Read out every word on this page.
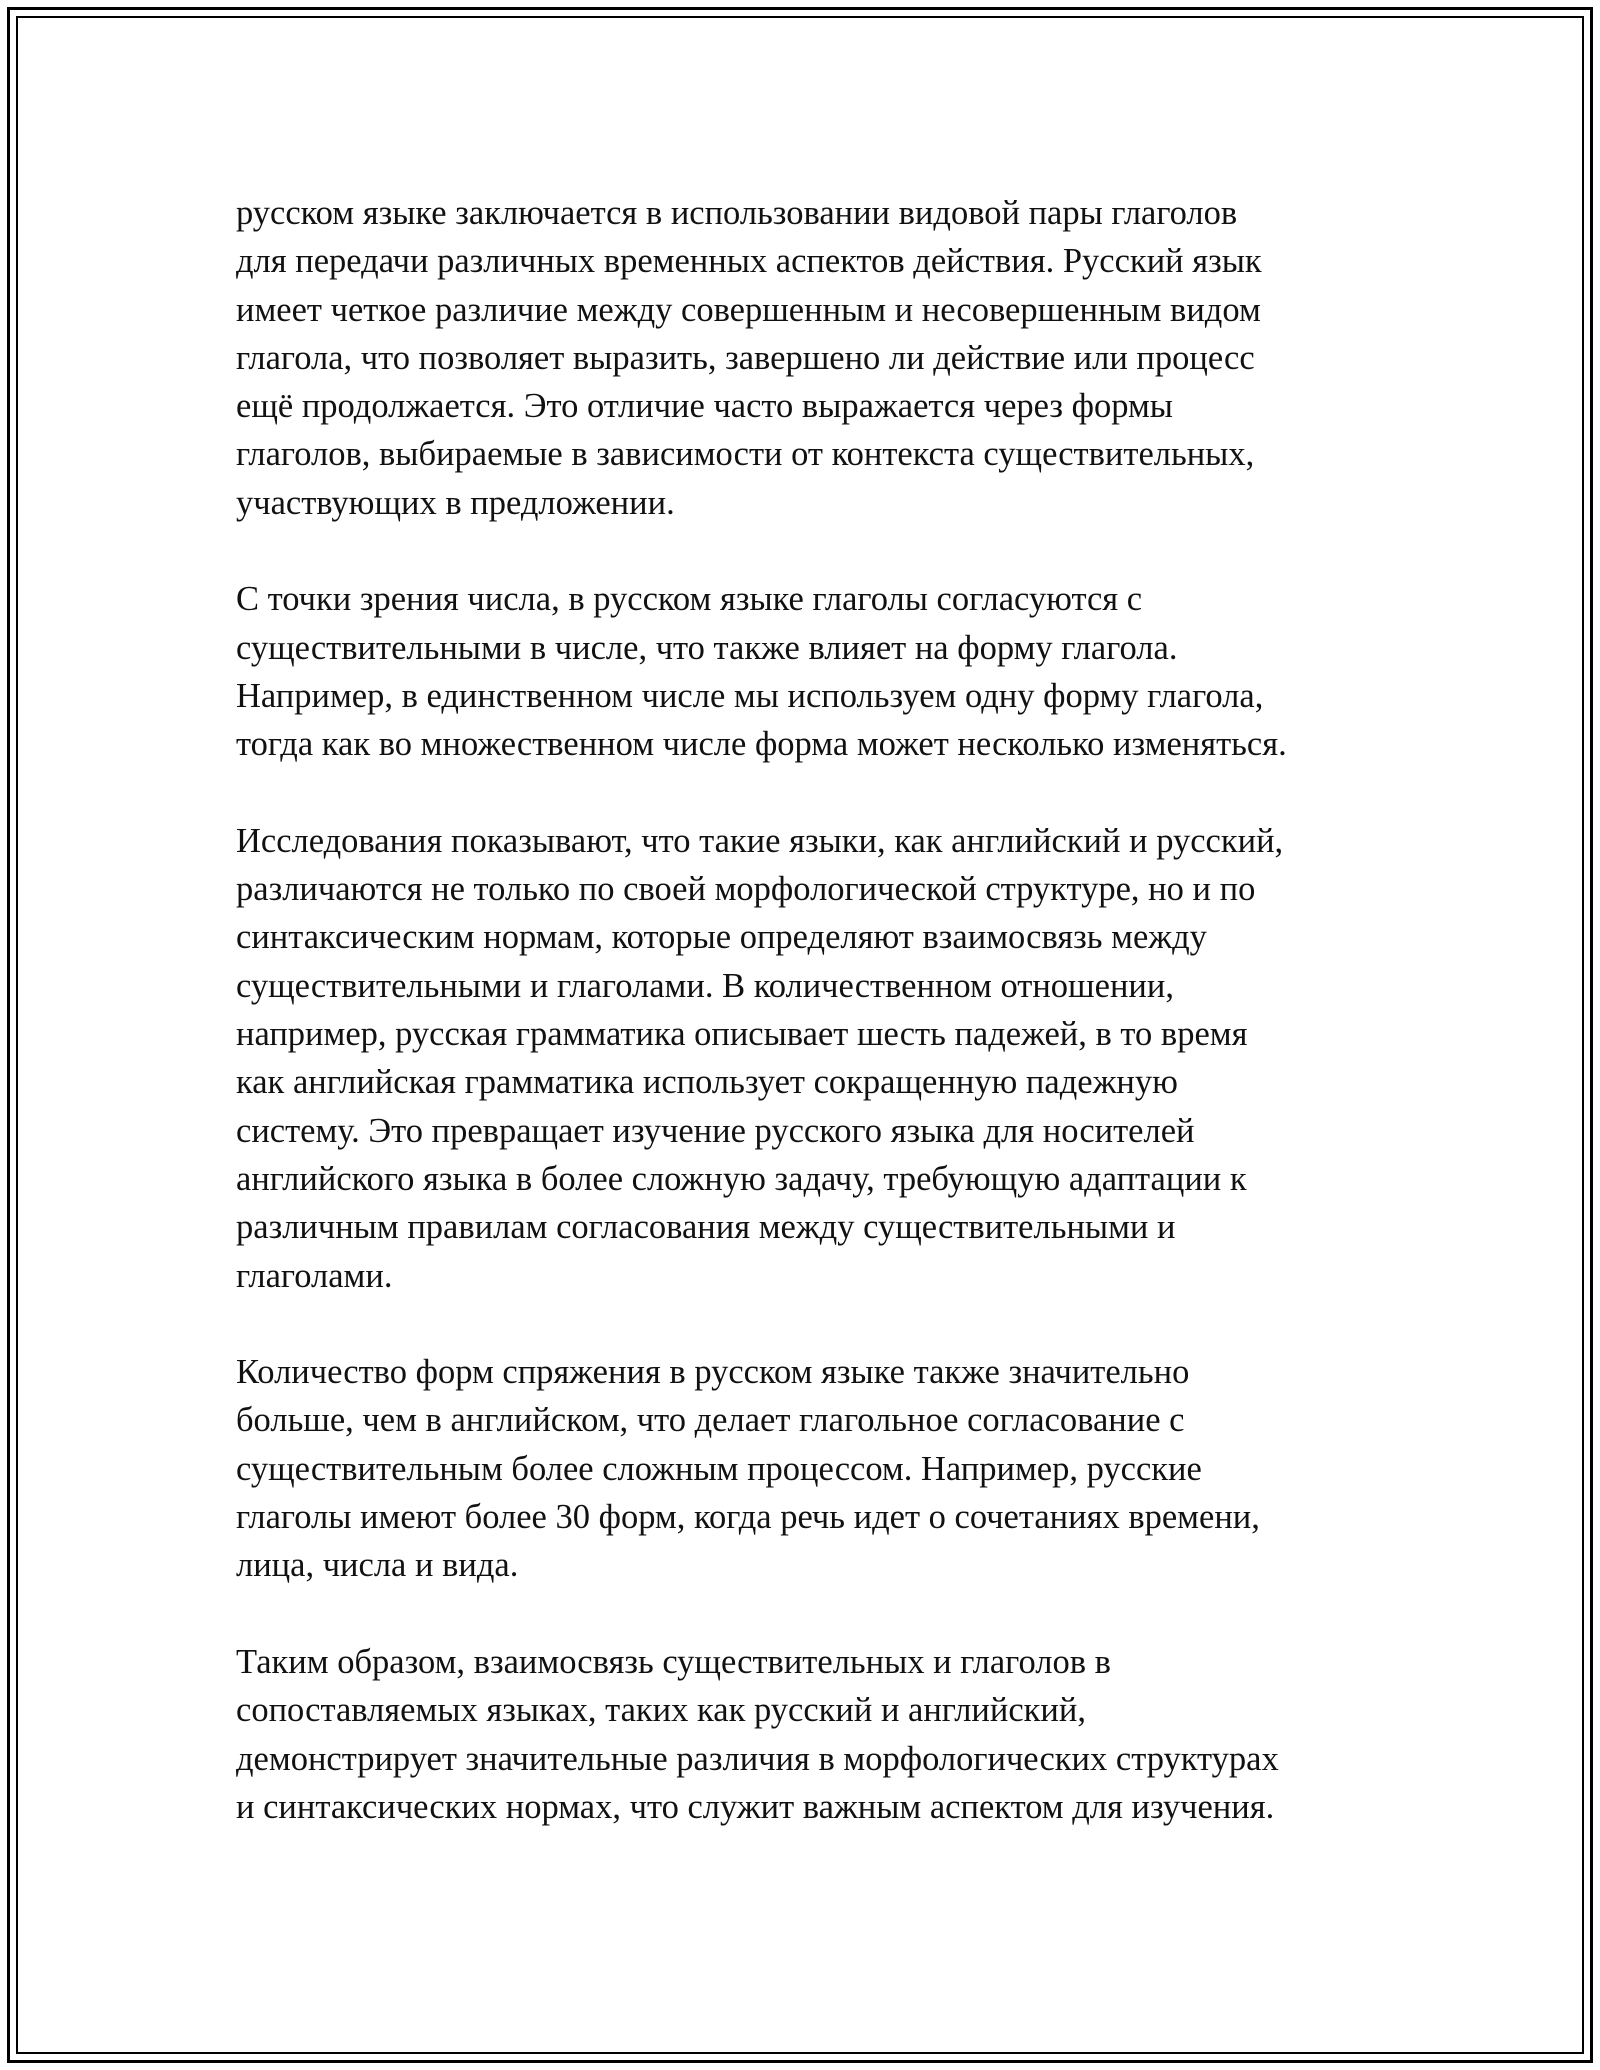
русском языке заключается в использовании видовой пары глаголов
для передачи различных временных аспектов действия. Русский язык
имеет четкое различие между совершенным и несовершенным видом
глагола, что позволяет выразить, завершено ли действие или процесс
ещё продолжается. Это отличие часто выражается через формы
глаголов, выбираемые в зависимости от контекста существительных,
участвующих в предложении.
С точки зрения числа, в русском языке глаголы согласуются с
существительными в числе, что также влияет на форму глагола.
Например, в единственном числе мы используем одну форму глагола,
тогда как во множественном числе форма может несколько изменяться.
Исследования показывают, что такие языки, как английский и русский,
различаются не только по своей морфологической структуре, но и по
синтаксическим нормам, которые определяют взаимосвязь между
существительными и глаголами. В количественном отношении,
например, русская грамматика описывает шесть падежей, в то время
как английская грамматика использует сокращенную падежную
систему. Это превращает изучение русского языка для носителей
английского языка в более сложную задачу, требующую адаптации к
различным правилам согласования между существительными и
глаголами.
Количество форм спряжения в русском языке также значительно
больше, чем в английском, что делает глагольное согласование с
существительным более сложным процессом. Например, русские
глаголы имеют более 30 форм, когда речь идет о сочетаниях времени,
лица, числа и вида.
Таким образом, взаимосвязь существительных и глаголов в
сопоставляемых языках, таких как русский и английский,
демонстрирует значительные различия в морфологических структурах
и синтаксических нормах, что служит важным аспектом для изучения.
